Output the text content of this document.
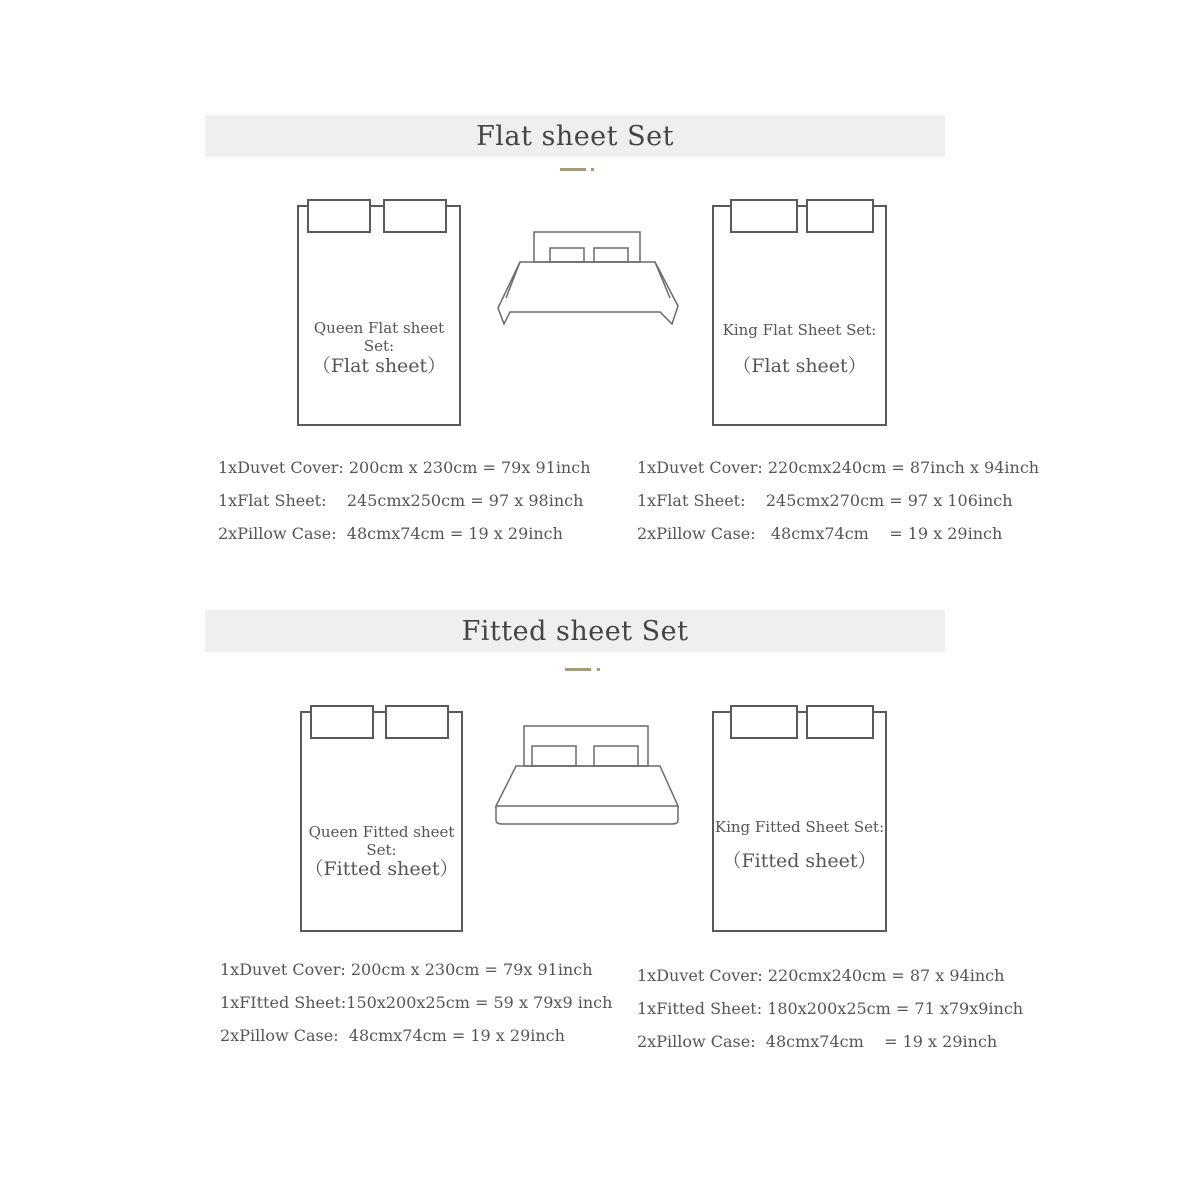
Flat sheet Set
Queen Flat sheet Set:
（Flat sheet）
King Flat Sheet Set:
（Flat sheet）
1xDuvet Cover: 200cm x 230cm = 79x 91inch
1xFlat Sheet:    245cmx250cm = 97 x 98inch
2xPillow Case:  48cmx74cm = 19 x 29inch
1xDuvet Cover: 220cmx240cm = 87inch x 94inch
1xFlat Sheet:    245cmx270cm = 97 x 106inch
2xPillow Case:   48cmx74cm    = 19 x 29inch
Fitted sheet Set
Queen Fitted sheet Set:
（Fitted sheet）
King Fitted Sheet Set:
（Fitted sheet）
1xDuvet Cover: 200cm x 230cm = 79x 91inch
1xFItted Sheet:150x200x25cm = 59 x 79x9 inch
2xPillow Case:  48cmx74cm = 19 x 29inch
1xDuvet Cover: 220cmx240cm = 87 x 94inch
1xFitted Sheet: 180x200x25cm = 71 x79x9inch
2xPillow Case:  48cmx74cm    = 19 x 29inch
